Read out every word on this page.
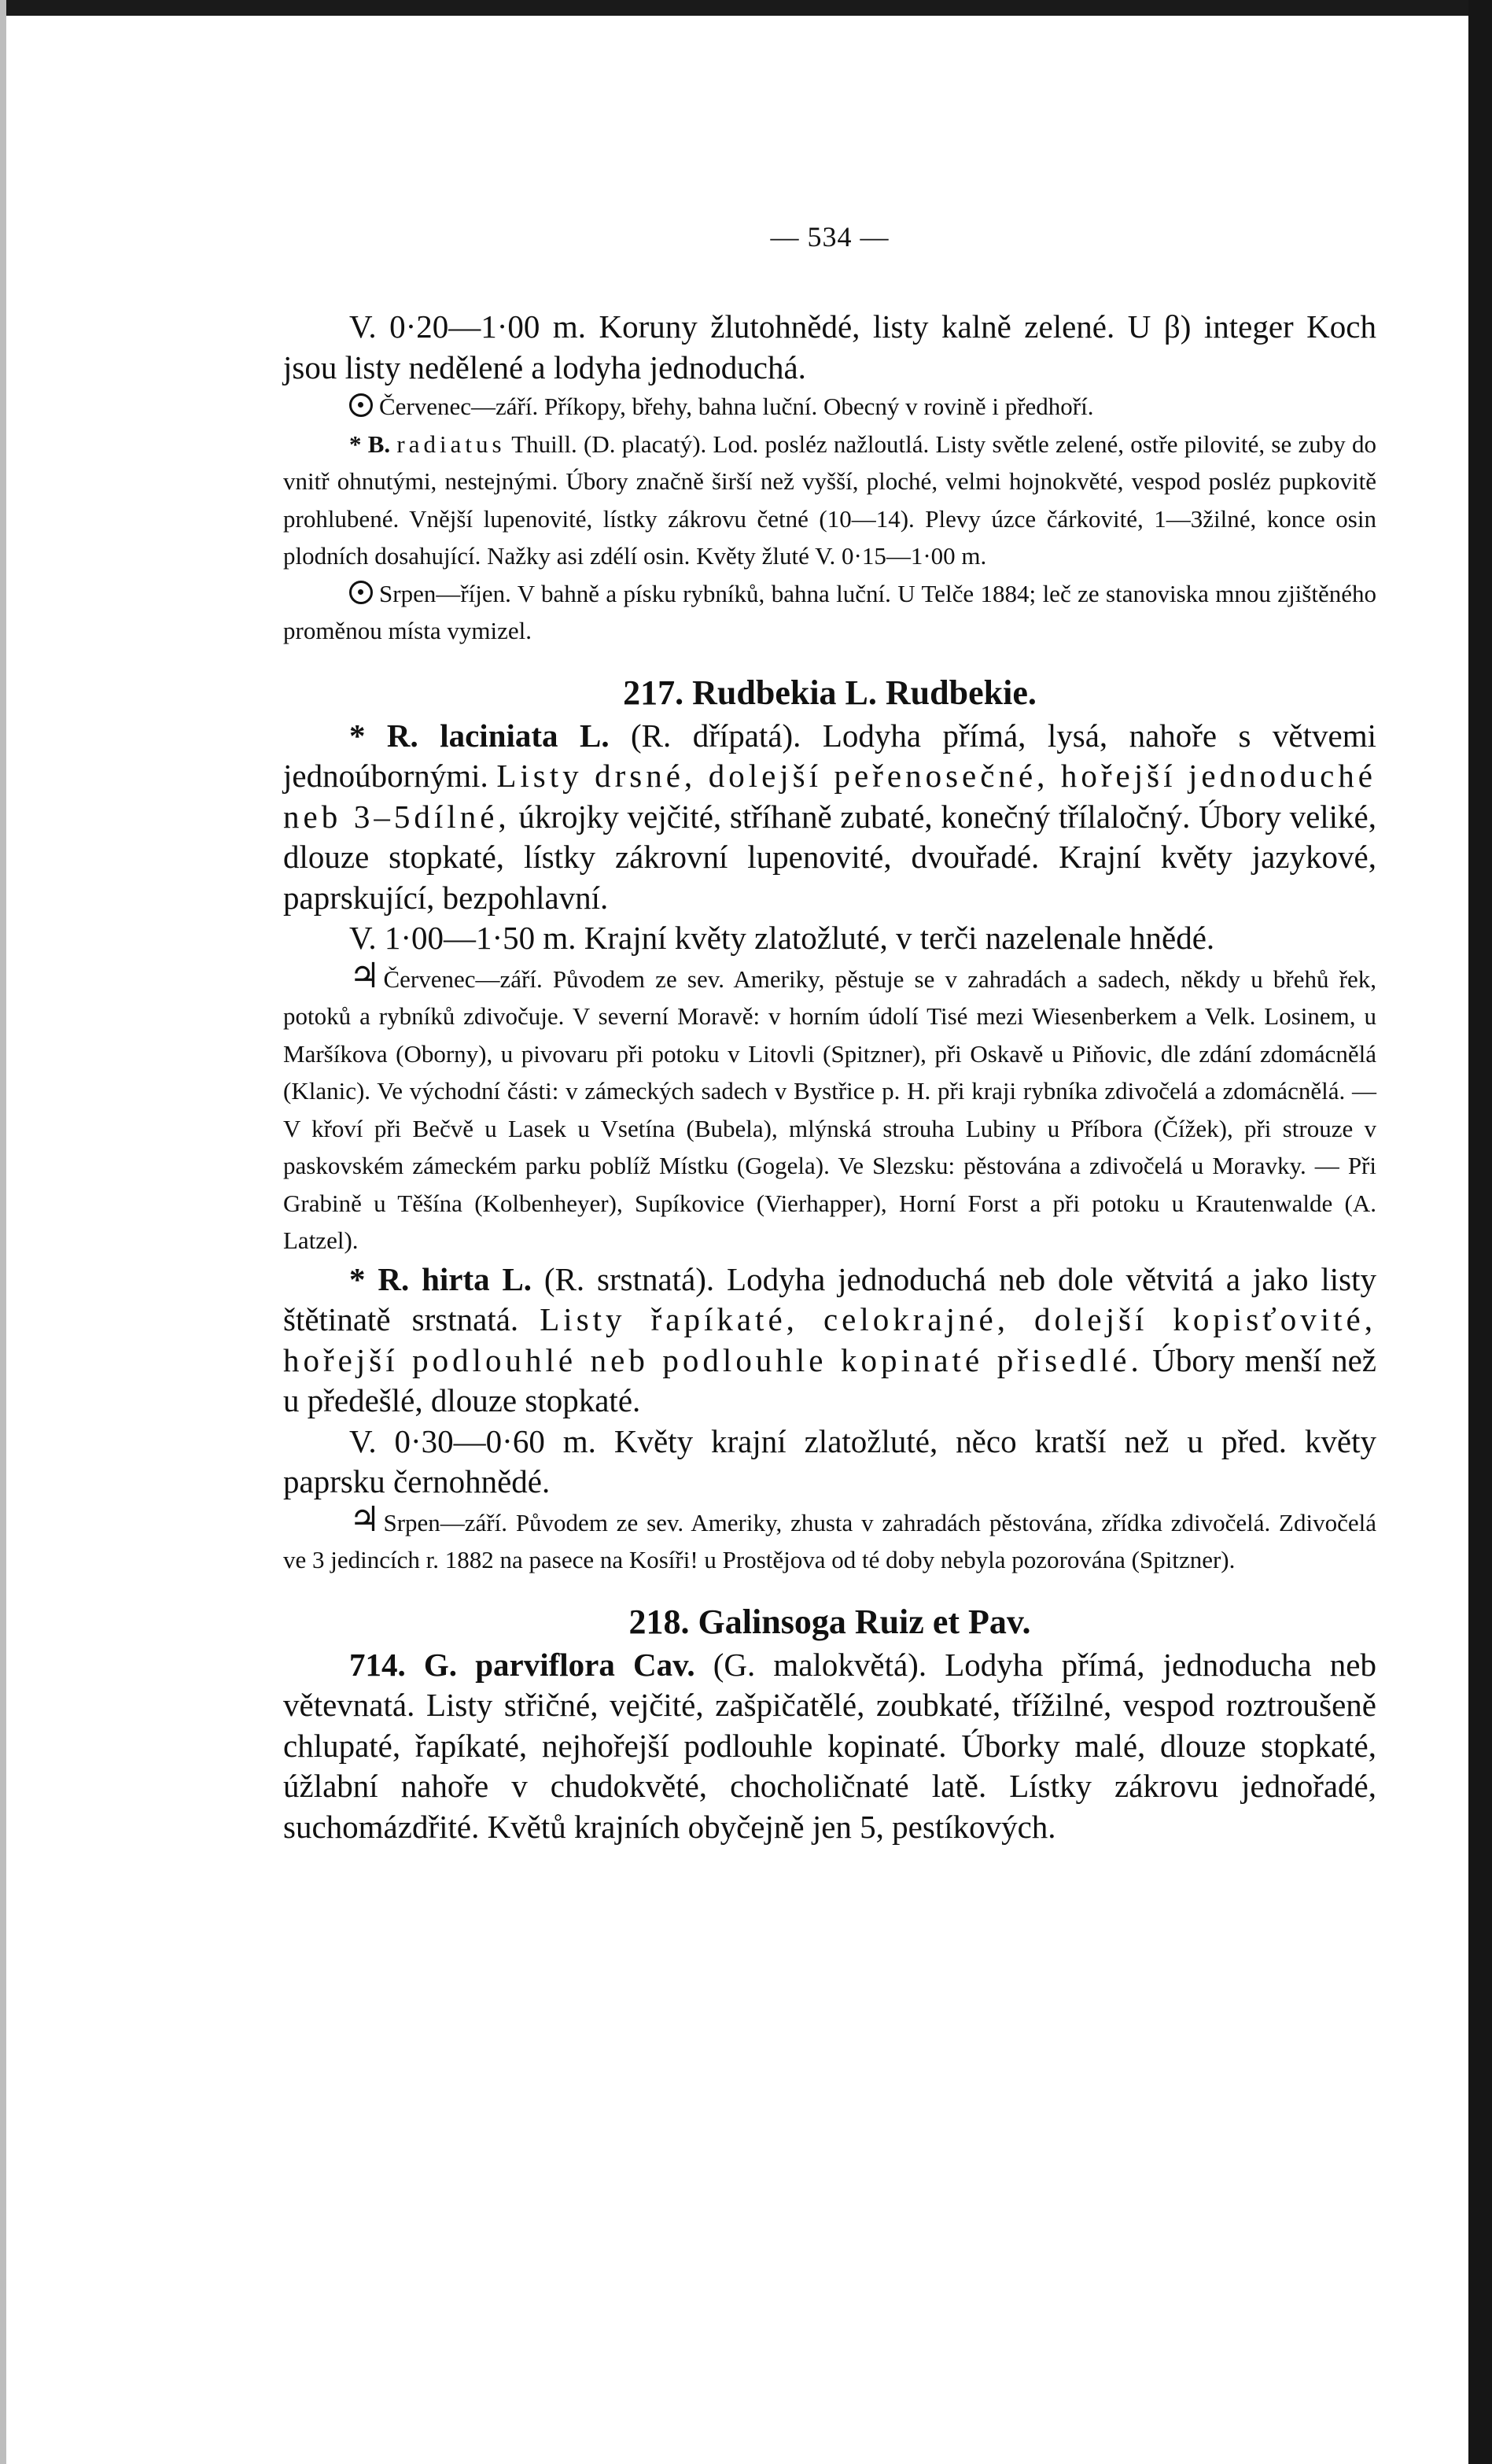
— 534 —

V. 0·20—1·00 m. Koruny žlutohnědé, listy kalně zelené. U β) integer Koch jsou listy nedělené a lodyha jednoduchá.

Červenec—září. Příkopy, břehy, bahna luční. Obecný v rovině i předhoří.

* B. radiatus Thuill. (D. placatý). Lod. posléz nažloutlá. Listy světle zelené, ostře pilovité, se zuby do vnitř ohnutými, nestejnými. Úbory značně širší než vyšší, ploché, velmi hojnokvěté, vespod posléz pupkovitě prohlubené. Vnější lupenovité, lístky zákrovu četné (10—14). Plevy úzce čárkovité, 1—3žilné, konce osin plodních dosahující. Nažky asi zdélí osin. Květy žluté V. 0·15—1·00 m.

Srpen—říjen. V bahně a písku rybníků, bahna luční. U Telče 1884; leč ze stanoviska mnou zjištěného proměnou místa vymizel.

217. Rudbekia L. Rudbekie.

* R. laciniata L. (R. dřípatá). Lodyha přímá, lysá, nahoře s větvemi jednoúbornými. Listy drsné, dolejší peřenosečné, hořejší jednoduché neb 3–5dílné, úkrojky vejčité, stříhaně zubaté, konečný třílaločný. Úbory veliké, dlouze stopkaté, lístky zákrovní lupenovité, dvouřadé. Krajní květy jazykové, paprskující, bezpohlavní.

V. 1·00—1·50 m. Krajní květy zlatožluté, v terči nazelenale hnědé.

♃ Červenec—září. Původem ze sev. Ameriky, pěstuje se v zahradách a sadech, někdy u břehů řek, potoků a rybníků zdivočuje. V severní Moravě: v horním údolí Tisé mezi Wiesenberkem a Velk. Losinem, u Maršíkova (Oborny), u pivovaru při potoku v Litovli (Spitzner), při Oskavě u Piňovic, dle zdání zdomácnělá (Klanic). Ve východní části: v zámeckých sadech v Bystřice p. H. při kraji rybníka zdivočelá a zdomácnělá. — V křoví při Bečvě u Lasek u Vsetína (Bubela), mlýnská strouha Lubiny u Příbora (Čížek), při strouze v paskovském zámeckém parku poblíž Místku (Gogela). Ve Slezsku: pěstována a zdivočelá u Moravky. — Při Grabině u Těšína (Kolbenheyer), Supíkovice (Vierhapper), Horní Forst a při potoku u Krautenwalde (A. Latzel).

* R. hirta L. (R. srstnatá). Lodyha jednoduchá neb dole větvitá a jako listy štětinatě srstnatá. Listy řapíkaté, celokrajné, dolejší kopisťovité, hořejší podlouhlé neb podlouhle kopinaté přisedlé. Úbory menší než u předešlé, dlouze stopkaté.

V. 0·30—0·60 m. Květy krajní zlatožluté, něco kratší než u před. květy paprsku černohnědé.

♃ Srpen—září. Původem ze sev. Ameriky, zhusta v zahradách pěstována, zřídka zdivočelá. Zdivočelá ve 3 jedincích r. 1882 na pasece na Kosíři! u Prostějova od té doby nebyla pozorována (Spitzner).

218. Galinsoga Ruiz et Pav.

714. G. parviflora Cav. (G. malokvětá). Lodyha přímá, jednoducha neb větevnatá. Listy střičné, vejčité, zašpičatělé, zoubkaté, třížilné, vespod roztroušeně chlupaté, řapíkaté, nejhořejší podlouhle kopinaté. Úborky malé, dlouze stopkaté, úžlabní nahoře v chudokvěté, chocholičnaté latě. Lístky zákrovu jednořadé, suchomázdřité. Květů krajních obyčejně jen 5, pestíkových.
